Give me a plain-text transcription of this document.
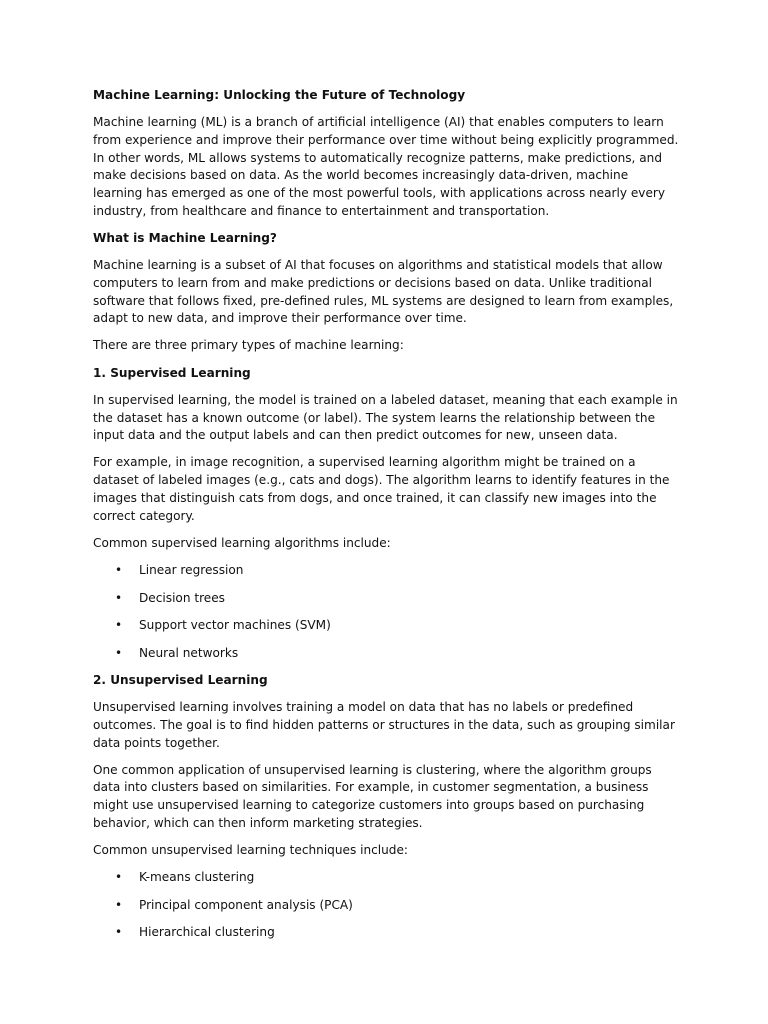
Machine Learning: Unlocking the Future of Technology

Machine learning (ML) is a branch of artificial intelligence (AI) that enables computers to learn from experience and improve their performance over time without being explicitly programmed. In other words, ML allows systems to automatically recognize patterns, make predictions, and make decisions based on data. As the world becomes increasingly data-driven, machine learning has emerged as one of the most powerful tools, with applications across nearly every industry, from healthcare and finance to entertainment and transportation.

What is Machine Learning?

Machine learning is a subset of AI that focuses on algorithms and statistical models that allow computers to learn from and make predictions or decisions based on data. Unlike traditional software that follows fixed, pre-defined rules, ML systems are designed to learn from examples, adapt to new data, and improve their performance over time.

There are three primary types of machine learning:

1. Supervised Learning

In supervised learning, the model is trained on a labeled dataset, meaning that each example in the dataset has a known outcome (or label). The system learns the relationship between the input data and the output labels and can then predict outcomes for new, unseen data.

For example, in image recognition, a supervised learning algorithm might be trained on a dataset of labeled images (e.g., cats and dogs). The algorithm learns to identify features in the images that distinguish cats from dogs, and once trained, it can classify new images into the correct category.

Common supervised learning algorithms include:

• Linear regression
• Decision trees
• Support vector machines (SVM)
• Neural networks

2. Unsupervised Learning

Unsupervised learning involves training a model on data that has no labels or predefined outcomes. The goal is to find hidden patterns or structures in the data, such as grouping similar data points together.

One common application of unsupervised learning is clustering, where the algorithm groups data into clusters based on similarities. For example, in customer segmentation, a business might use unsupervised learning to categorize customers into groups based on purchasing behavior, which can then inform marketing strategies.

Common unsupervised learning techniques include:

• K-means clustering
• Principal component analysis (PCA)
• Hierarchical clustering
